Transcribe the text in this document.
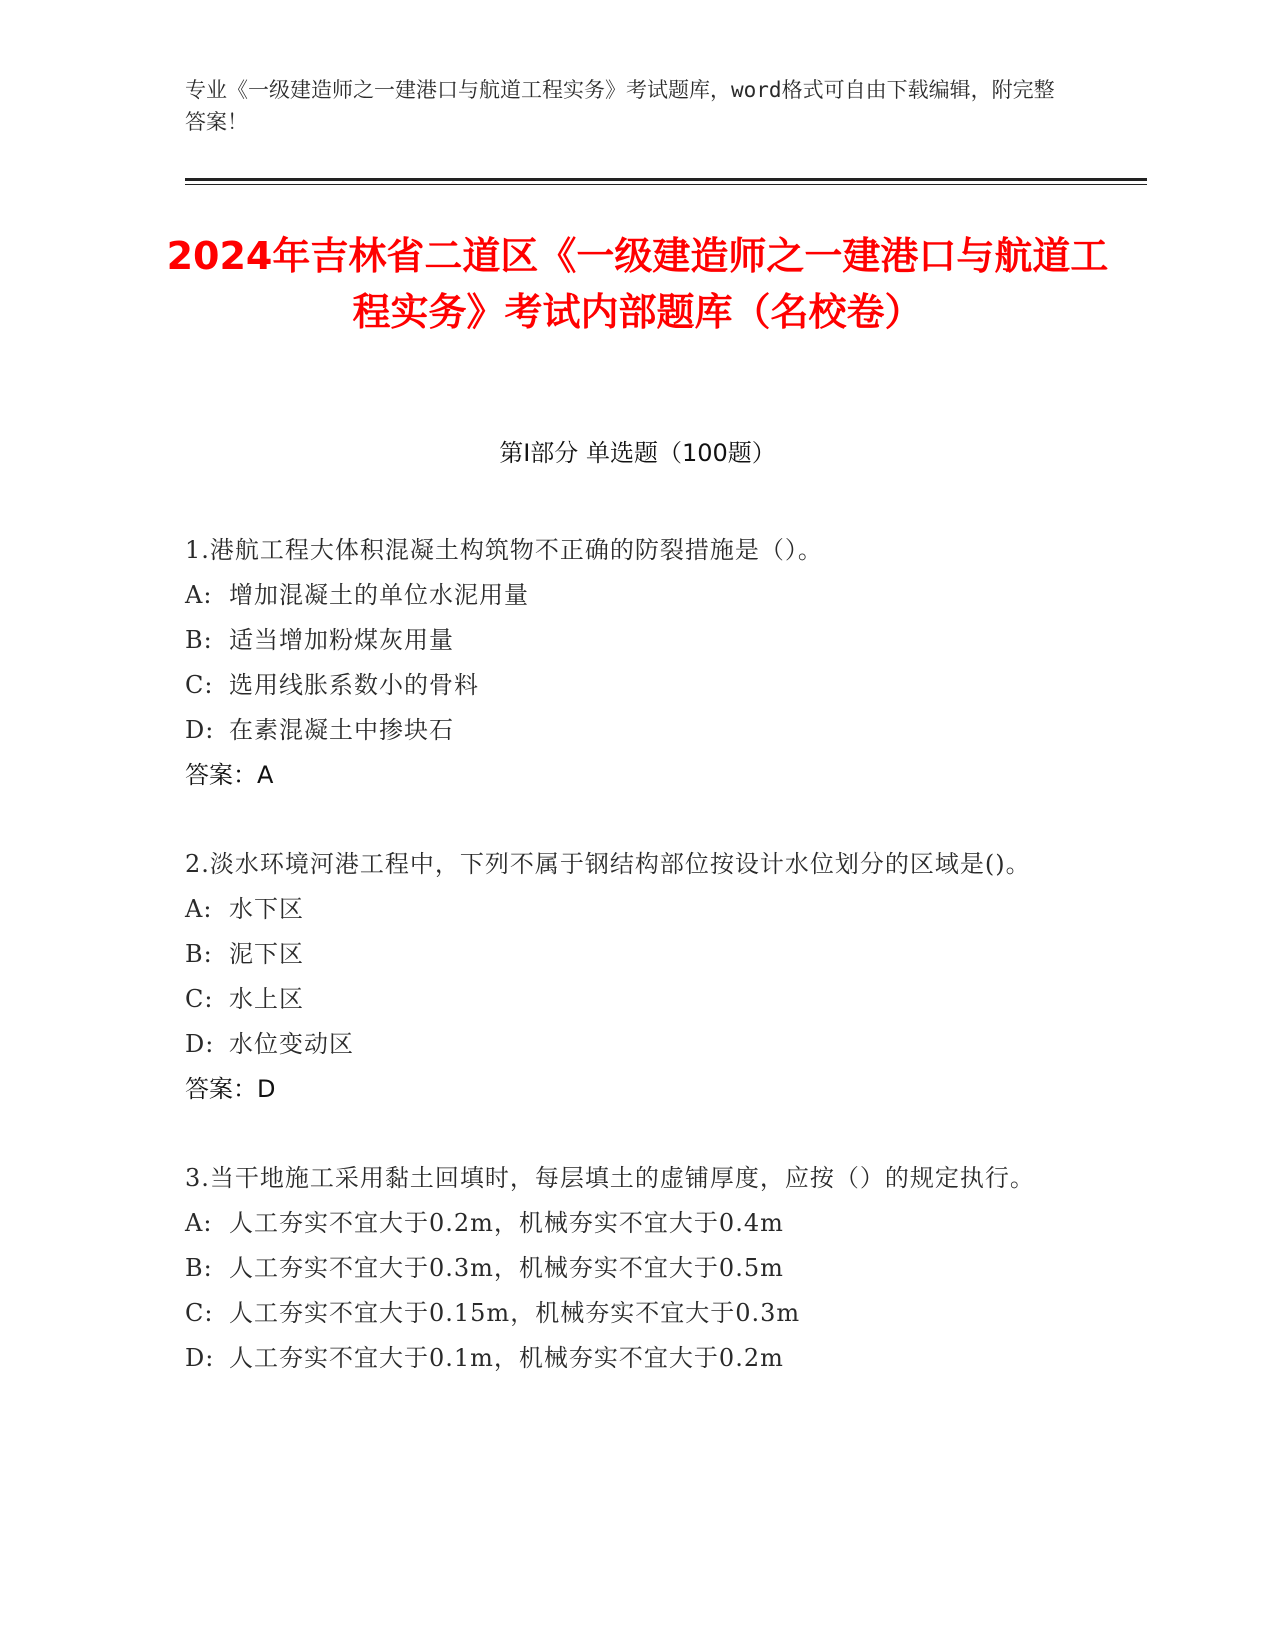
专业《一级建造师之一建港口与航道工程实务》考试题库，word格式可自由下载编辑，附完整答案！
2024年吉林省二道区《一级建造师之一建港口与航道工程实务》考试内部题库（名校卷）
第Ⅰ部分 单选题（100题）
1.港航工程大体积混凝土构筑物不正确的防裂措施是（）。
A: 增加混凝土的单位水泥用量
B: 适当增加粉煤灰用量
C: 选用线胀系数小的骨料
D: 在素混凝土中掺块石
答案：A
2.淡水环境河港工程中，下列不属于钢结构部位按设计水位划分的区域是()。
A: 水下区
B: 泥下区
C: 水上区
D: 水位变动区
答案：D
3.当干地施工采用黏土回填时，每层填土的虚铺厚度，应按（）的规定执行。
A: 人工夯实不宜大于0.2m，机械夯实不宜大于0.4m
B: 人工夯实不宜大于0.3m，机械夯实不宜大于0.5m
C: 人工夯实不宜大于0.15m，机械夯实不宜大于0.3m
D: 人工夯实不宜大于0.1m，机械夯实不宜大于0.2m
